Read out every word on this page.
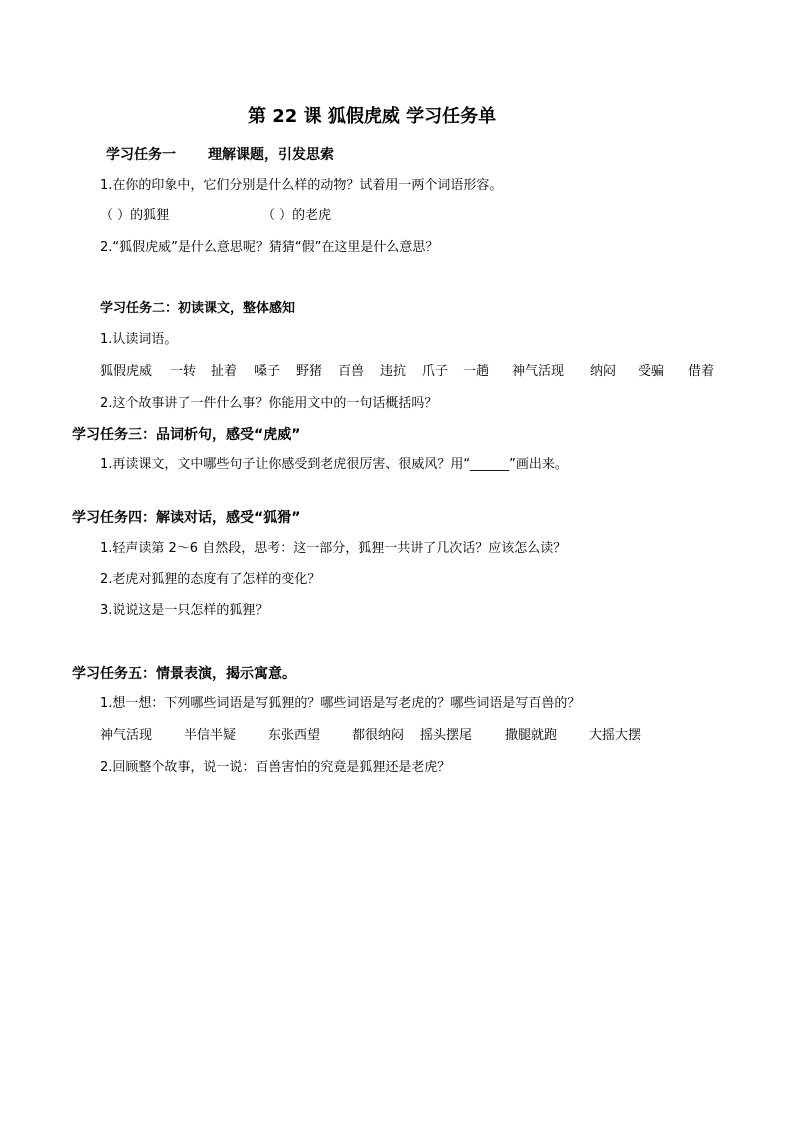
第 22 课 狐假虎威 学习任务单
学习任务一 理解课题，引发思索
1.在你的印象中，它们分别是什么样的动物？试着用一两个词语形容。
（ ）的狐狸	（ ）的老虎
2.“狐假虎威”是什么意思呢？猜猜“假”在这里是什么意思？
学习任务二：初读课文，整体感知
1.认读词语。
狐假虎威 一转 扯着 嗓子 野猪 百兽 违抗 爪子 一趟 神气活现 纳闷 受骗 借着
2.这个故事讲了一件什么事？你能用文中的一句话概括吗？
学习任务三：品词析句，感受“虎威”
1.再读课文，文中哪些句子让你感受到老虎很厉害、很威风？用“______”画出来。
学习任务四：解读对话，感受“狐猾”
1.轻声读第 2～6 自然段，思考：这一部分，狐狸一共讲了几次话？应该怎么读？
2.老虎对狐狸的态度有了怎样的变化？
3.说说这是一只怎样的狐狸？
学习任务五：情景表演，揭示寓意。
1.想一想：下列哪些词语是写狐狸的？哪些词语是写老虎的？哪些词语是写百兽的？
神气活现 半信半疑 东张西望 都很纳闷 摇头摆尾	撒腿就跑 大摇大摆
2.回顾整个故事，说一说：百兽害怕的究竟是狐狸还是老虎？
